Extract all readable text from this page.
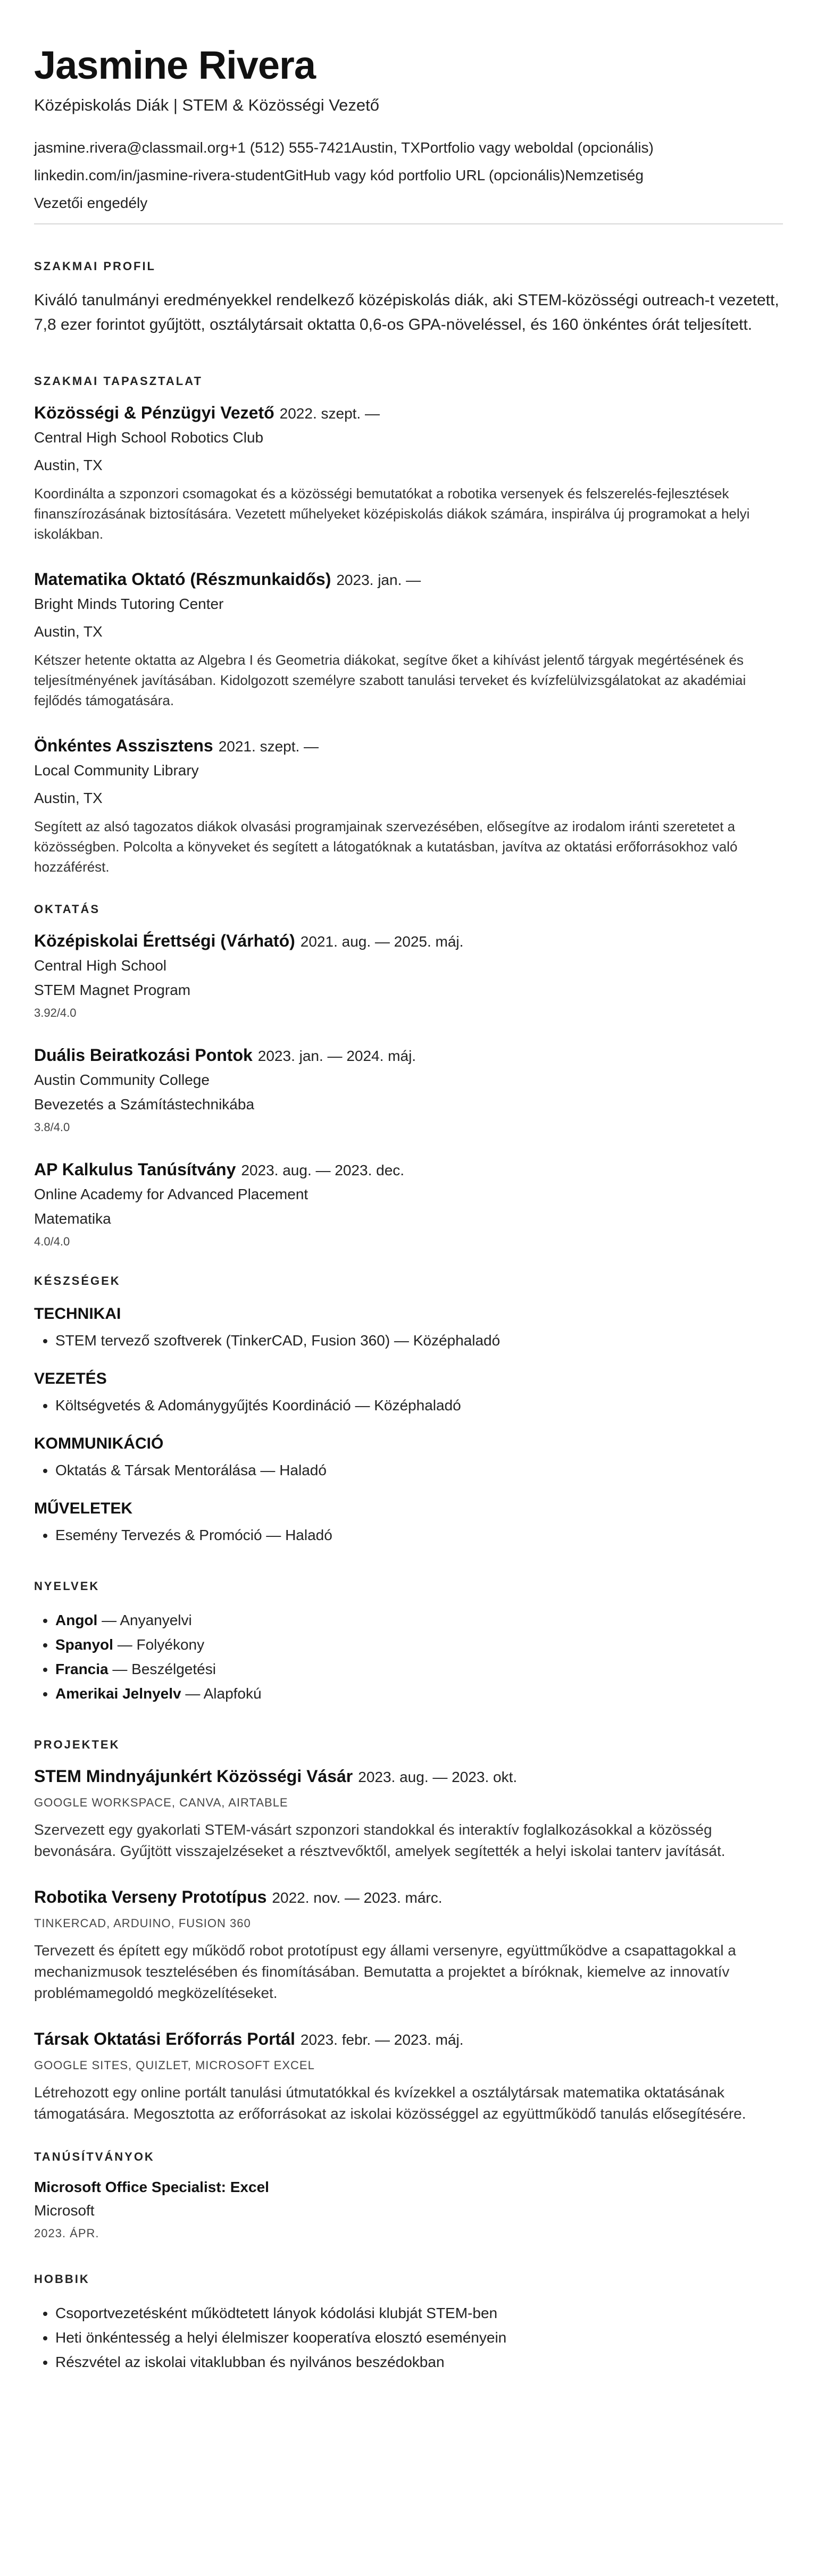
Jasmine Rivera
Középiskolás Diák | STEM & Közösségi Vezető
jasmine.rivera@classmail.org+1 (512) 555-7421Austin, TXPortfolio vagy weboldal (opcionális)
linkedin.com/in/jasmine-rivera-studentGitHub vagy kód portfolio URL (opcionális)Nemzetiség
Vezetői engedély
SZAKMAI PROFIL
Kiváló tanulmányi eredményekkel rendelkező középiskolás diák, aki STEM-közösségi outreach-t vezetett, 7,8 ezer forintot gyűjtött, osztálytársait oktatta 0,6-os GPA-növeléssel, és 160 önkéntes órát teljesített.
SZAKMAI TAPASZTALAT
Közösségi & Pénzügyi Vezető 2022. szept. —
Central High School Robotics Club
Austin, TX
Koordinálta a szponzori csomagokat és a közösségi bemutatókat a robotika versenyek és felszerelés-fejlesztések finanszírozásának biztosítására. Vezetett műhelyeket középiskolás diákok számára, inspirálva új programokat a helyi iskolákban.
Matematika Oktató (Részmunkaidős) 2023. jan. —
Bright Minds Tutoring Center
Austin, TX
Kétszer hetente oktatta az Algebra I és Geometria diákokat, segítve őket a kihívást jelentő tárgyak megértésének és teljesítményének javításában. Kidolgozott személyre szabott tanulási terveket és kvízfelülvizsgálatokat az akadémiai fejlődés támogatására.
Önkéntes Asszisztens 2021. szept. —
Local Community Library
Austin, TX
Segített az alsó tagozatos diákok olvasási programjainak szervezésében, elősegítve az irodalom iránti szeretetet a közösségben. Polcolta a könyveket és segített a látogatóknak a kutatásban, javítva az oktatási erőforrásokhoz való hozzáférést.
OKTATÁS
Középiskolai Érettségi (Várható) 2021. aug. — 2025. máj.
Central High School
STEM Magnet Program
3.92/4.0
Duális Beiratkozási Pontok 2023. jan. — 2024. máj.
Austin Community College
Bevezetés a Számítástechnikába
3.8/4.0
AP Kalkulus Tanúsítvány 2023. aug. — 2023. dec.
Online Academy for Advanced Placement
Matematika
4.0/4.0
KÉSZSÉGEK
TECHNIKAI
• STEM tervező szoftverek (TinkerCAD, Fusion 360) — Középhaladó
VEZETÉS
• Költségvetés & Adománygyűjtés Koordináció — Középhaladó
KOMMUNIKÁCIÓ
• Oktatás & Társak Mentorálása — Haladó
MŰVELETEK
• Esemény Tervezés & Promóció — Haladó
NYELVEK
• Angol — Anyanyelvi
• Spanyol — Folyékony
• Francia — Beszélgetési
• Amerikai Jelnyelv — Alapfokú
PROJEKTEK
STEM Mindnyájunkért Közösségi Vásár 2023. aug. — 2023. okt.
GOOGLE WORKSPACE, CANVA, AIRTABLE
Szervezett egy gyakorlati STEM-vásárt szponzori standokkal és interaktív foglalkozásokkal a közösség bevonására. Gyűjtött visszajelzéseket a résztvevőktől, amelyek segítették a helyi iskolai tanterv javítását.
Robotika Verseny Prototípus 2022. nov. — 2023. márc.
TINKERCAD, ARDUINO, FUSION 360
Tervezett és épített egy működő robot prototípust egy állami versenyre, együttműködve a csapattagokkal a mechanizmusok tesztelésében és finomításában. Bemutatta a projektet a bíróknak, kiemelve az innovatív problémamegoldó megközelítéseket.
Társak Oktatási Erőforrás Portál 2023. febr. — 2023. máj.
GOOGLE SITES, QUIZLET, MICROSOFT EXCEL
Létrehozott egy online portált tanulási útmutatókkal és kvízekkel a osztálytársak matematika oktatásának támogatására. Megosztotta az erőforrásokat az iskolai közösséggel az együttműködő tanulás elősegítésére.
TANÚSÍTVÁNYOK
Microsoft Office Specialist: Excel
Microsoft
2023. ÁPR.
HOBBIK
• Csoportvezetésként működtetett lányok kódolási klubját STEM-ben
• Heti önkéntesség a helyi élelmiszer kooperatíva elosztó eseményein
• Részvétel az iskolai vitaklubban és nyilvános beszédokban
